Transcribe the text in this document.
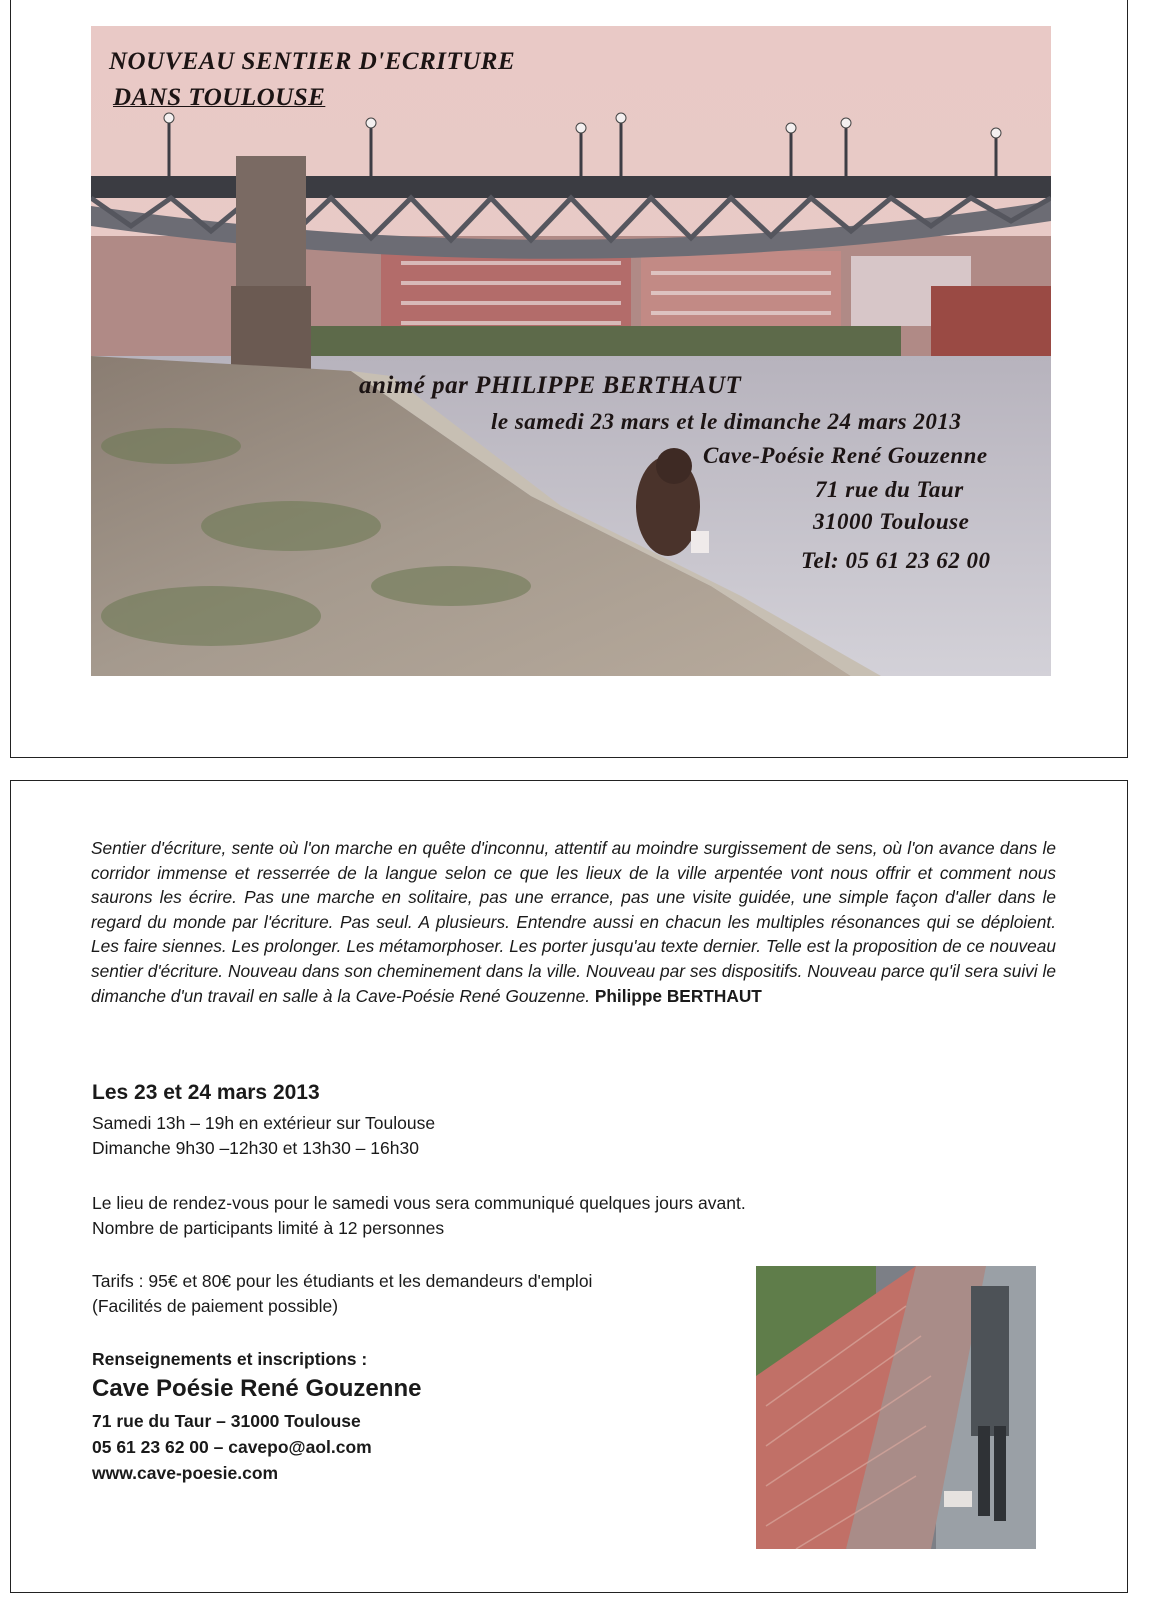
NOUVEAU SENTIER D'ECRITURE
DANS TOULOUSE
animé par PHILIPPE BERTHAUT
le samedi 23 mars et le dimanche 24 mars 2013
Cave-Poésie René Gouzenne
71 rue du Taur
31000 Toulouse
Tel: 05 61 23 62 00
Sentier d'écriture, sente où l'on marche en quête d'inconnu, attentif au moindre surgissement de sens, où l'on avance dans le corridor immense et resserrée de la langue selon ce que les lieux de la ville arpentée vont nous offrir et comment nous saurons les écrire. Pas une marche en solitaire, pas une errance, pas une visite guidée, une simple façon d'aller dans le regard du monde par l'écriture. Pas seul. A plusieurs. Entendre aussi en chacun les multiples résonances qui se déploient. Les faire siennes. Les prolonger. Les métamorphoser. Les porter jusqu'au texte dernier. Telle est la proposition de ce nouveau sentier d'écriture. Nouveau dans son cheminement dans la ville. Nouveau par ses dispositifs. Nouveau parce qu'il sera suivi le dimanche d'un travail en salle à la Cave-Poésie René Gouzenne. Philippe BERTHAUT
Les 23 et 24 mars 2013
Samedi 13h – 19h en extérieur sur Toulouse
Dimanche 9h30 –12h30 et 13h30 – 16h30
Le lieu de rendez-vous pour le samedi vous sera communiqué quelques jours avant.
Nombre de participants limité à 12 personnes
Tarifs : 95€ et 80€ pour les étudiants et les demandeurs d'emploi
(Facilités de paiement possible)
Renseignements et inscriptions :
Cave Poésie René Gouzenne
71 rue du Taur – 31000 Toulouse
05 61 23 62 00 – cavepo@aol.com
www.cave-poesie.com
